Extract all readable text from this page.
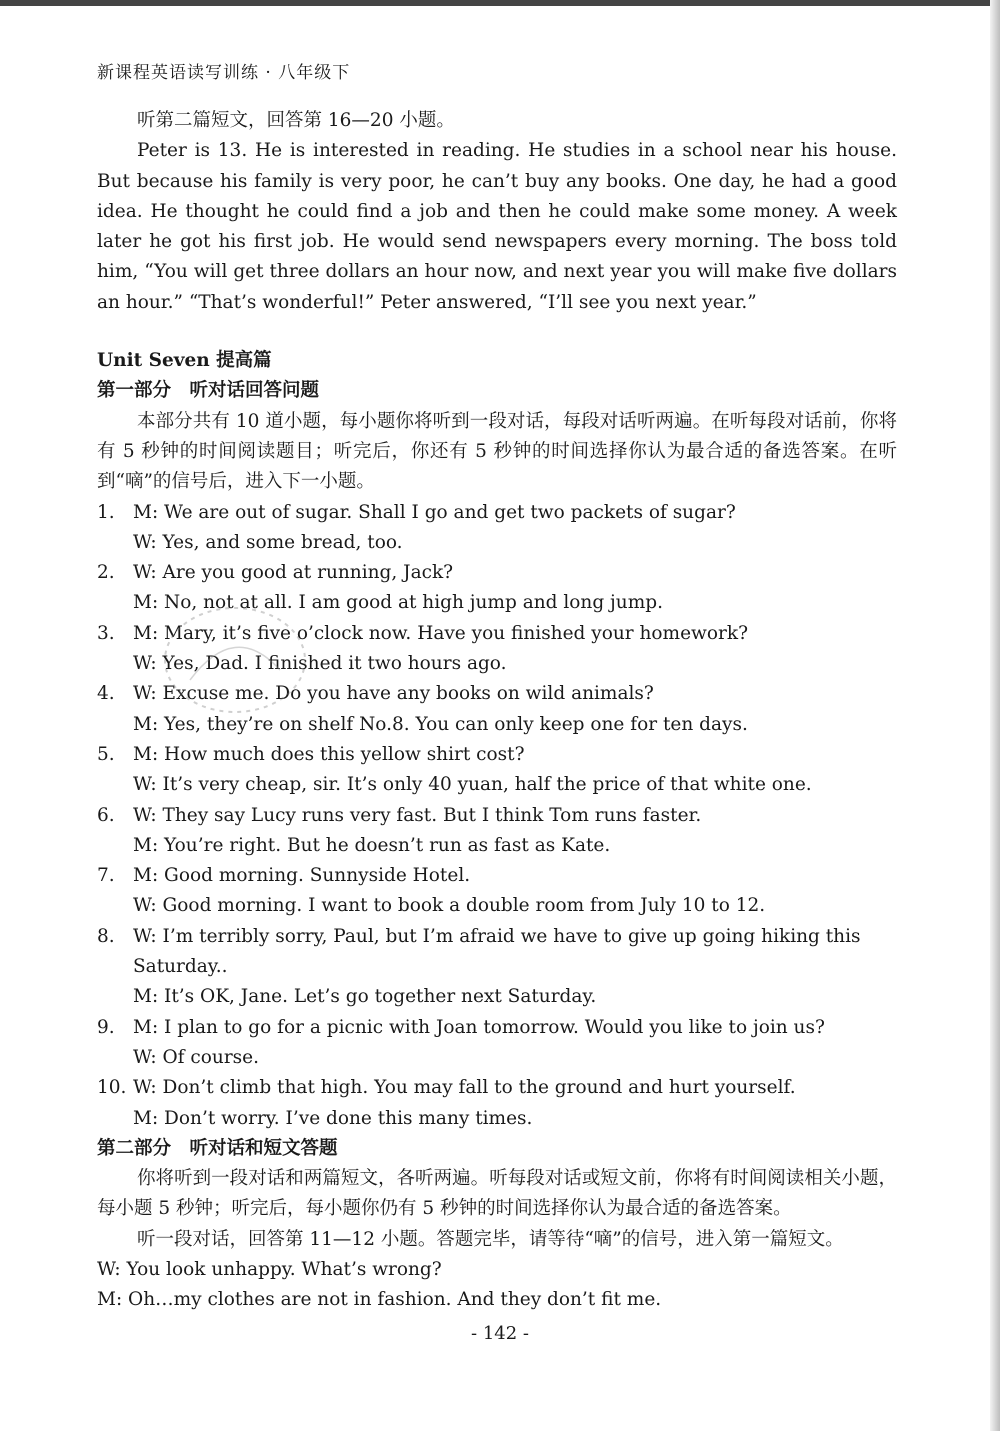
新课程英语读写训练 · 八年级下

听第二篇短文，回答第 16—20 小题。

Peter is 13. He is interested in reading. He studies in a school near his house. But because his family is very poor, he can’t buy any books. One day, he had a good idea. He thought he could find a job and then he could make some money. A week later he got his first job. He would send newspapers every morning. The boss told him, “You will get three dollars an hour now, and next year you will make five dollars an hour.” “That’s wonderful!” Peter answered, “I’ll see you next year.”

Unit Seven 提高篇

第一部分　听对话回答问题

本部分共有 10 道小题，每小题你将听到一段对话，每段对话听两遍。在听每段对话前，你将有 5 秒钟的时间阅读题目；听完后，你还有 5 秒钟的时间选择你认为最合适的备选答案。在听到“嘀”的信号后，进入下一小题。

1. M: We are out of sugar. Shall I go and get two packets of sugar?

W: Yes, and some bread, too.

2. W: Are you good at running, Jack?

M: No, not at all. I am good at high jump and long jump.

3. M: Mary, it’s five o’clock now. Have you finished your homework?

W: Yes, Dad. I finished it two hours ago.

4. W: Excuse me. Do you have any books on wild animals?

M: Yes, they’re on shelf No.8. You can only keep one for ten days.

5. M: How much does this yellow shirt cost?

W: It’s very cheap, sir. It’s only 40 yuan, half the price of that white one.

6. W: They say Lucy runs very fast. But I think Tom runs faster.

M: You’re right. But he doesn’t run as fast as Kate.

7. M: Good morning. Sunnyside Hotel.

W: Good morning. I want to book a double room from July 10 to 12.

8. W: I’m terribly sorry, Paul, but I’m afraid we have to give up going hiking this Saturday..

M: It’s OK, Jane. Let’s go together next Saturday.

9. M: I plan to go for a picnic with Joan tomorrow. Would you like to join us?

W: Of course.

10. W: Don’t climb that high. You may fall to the ground and hurt yourself.

M: Don’t worry. I’ve done this many times.

第二部分　听对话和短文答题

你将听到一段对话和两篇短文，各听两遍。听每段对话或短文前，你将有时间阅读相关小题，每小题 5 秒钟；听完后，每小题你仍有 5 秒钟的时间选择你认为最合适的备选答案。

听一段对话，回答第 11—12 小题。答题完毕，请等待“嘀”的信号，进入第一篇短文。

W: You look unhappy. What’s wrong?

M: Oh…my clothes are not in fashion. And they don’t fit me.

- 142 -
